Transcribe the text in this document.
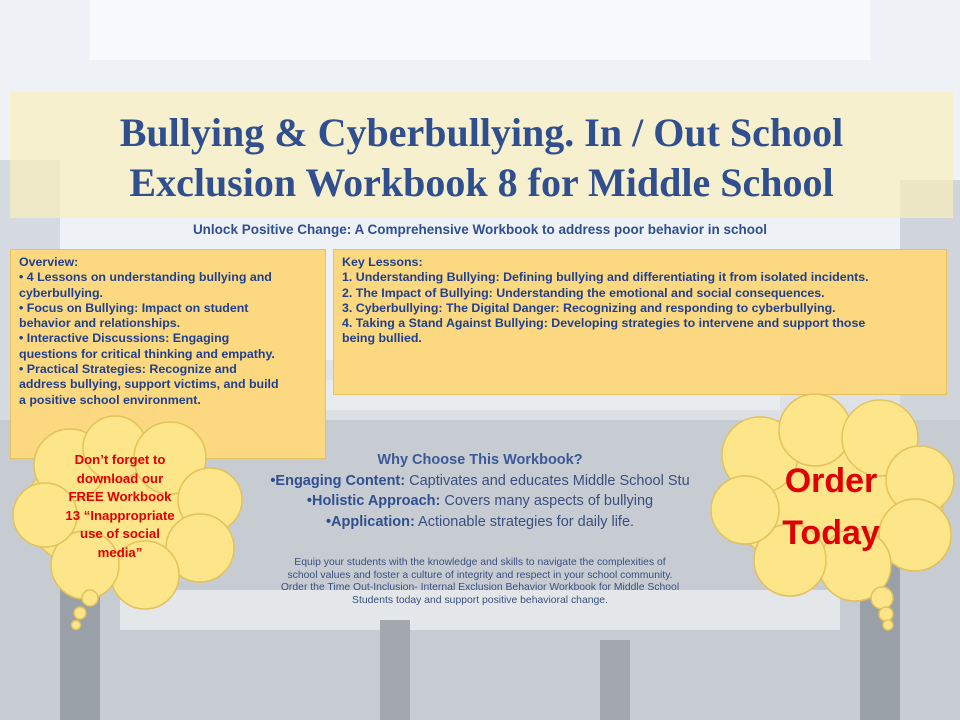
Bullying & Cyberbullying. In / Out School
Exclusion Workbook 8 for Middle School
Unlock Positive Change: A Comprehensive Workbook to address poor behavior in school
Overview:
• 4 Lessons on understanding bullying and
cyberbullying.
• Focus on Bullying: Impact on student
behavior and relationships.
• Interactive Discussions: Engaging
questions for critical thinking and empathy.
• Practical Strategies: Recognize and
address bullying, support victims, and build
a positive school environment.
Key Lessons:
1. Understanding Bullying: Defining bullying and differentiating it from isolated incidents.
2. The Impact of Bullying: Understanding the emotional and social consequences.
3. Cyberbullying: The Digital Danger: Recognizing and responding to cyberbullying.
4. Taking a Stand Against Bullying: Developing strategies to intervene and support those
being bullied.
Why Choose This Workbook?
•Engaging Content: Captivates and educates Middle School Stu
•Holistic Approach: Covers many aspects of bullying
•Application: Actionable strategies for daily life.
Equip your students with the knowledge and skills to navigate the complexities of
school values and foster a culture of integrity and respect in your school community.
Order the Time Out-Inclusion- Internal Exclusion Behavior Workbook for Middle School
Students today and support positive behavioral change.
Don’t forget to
download our
FREE Workbook
13 “Inappropriate
use of social
media”
Order
Today
